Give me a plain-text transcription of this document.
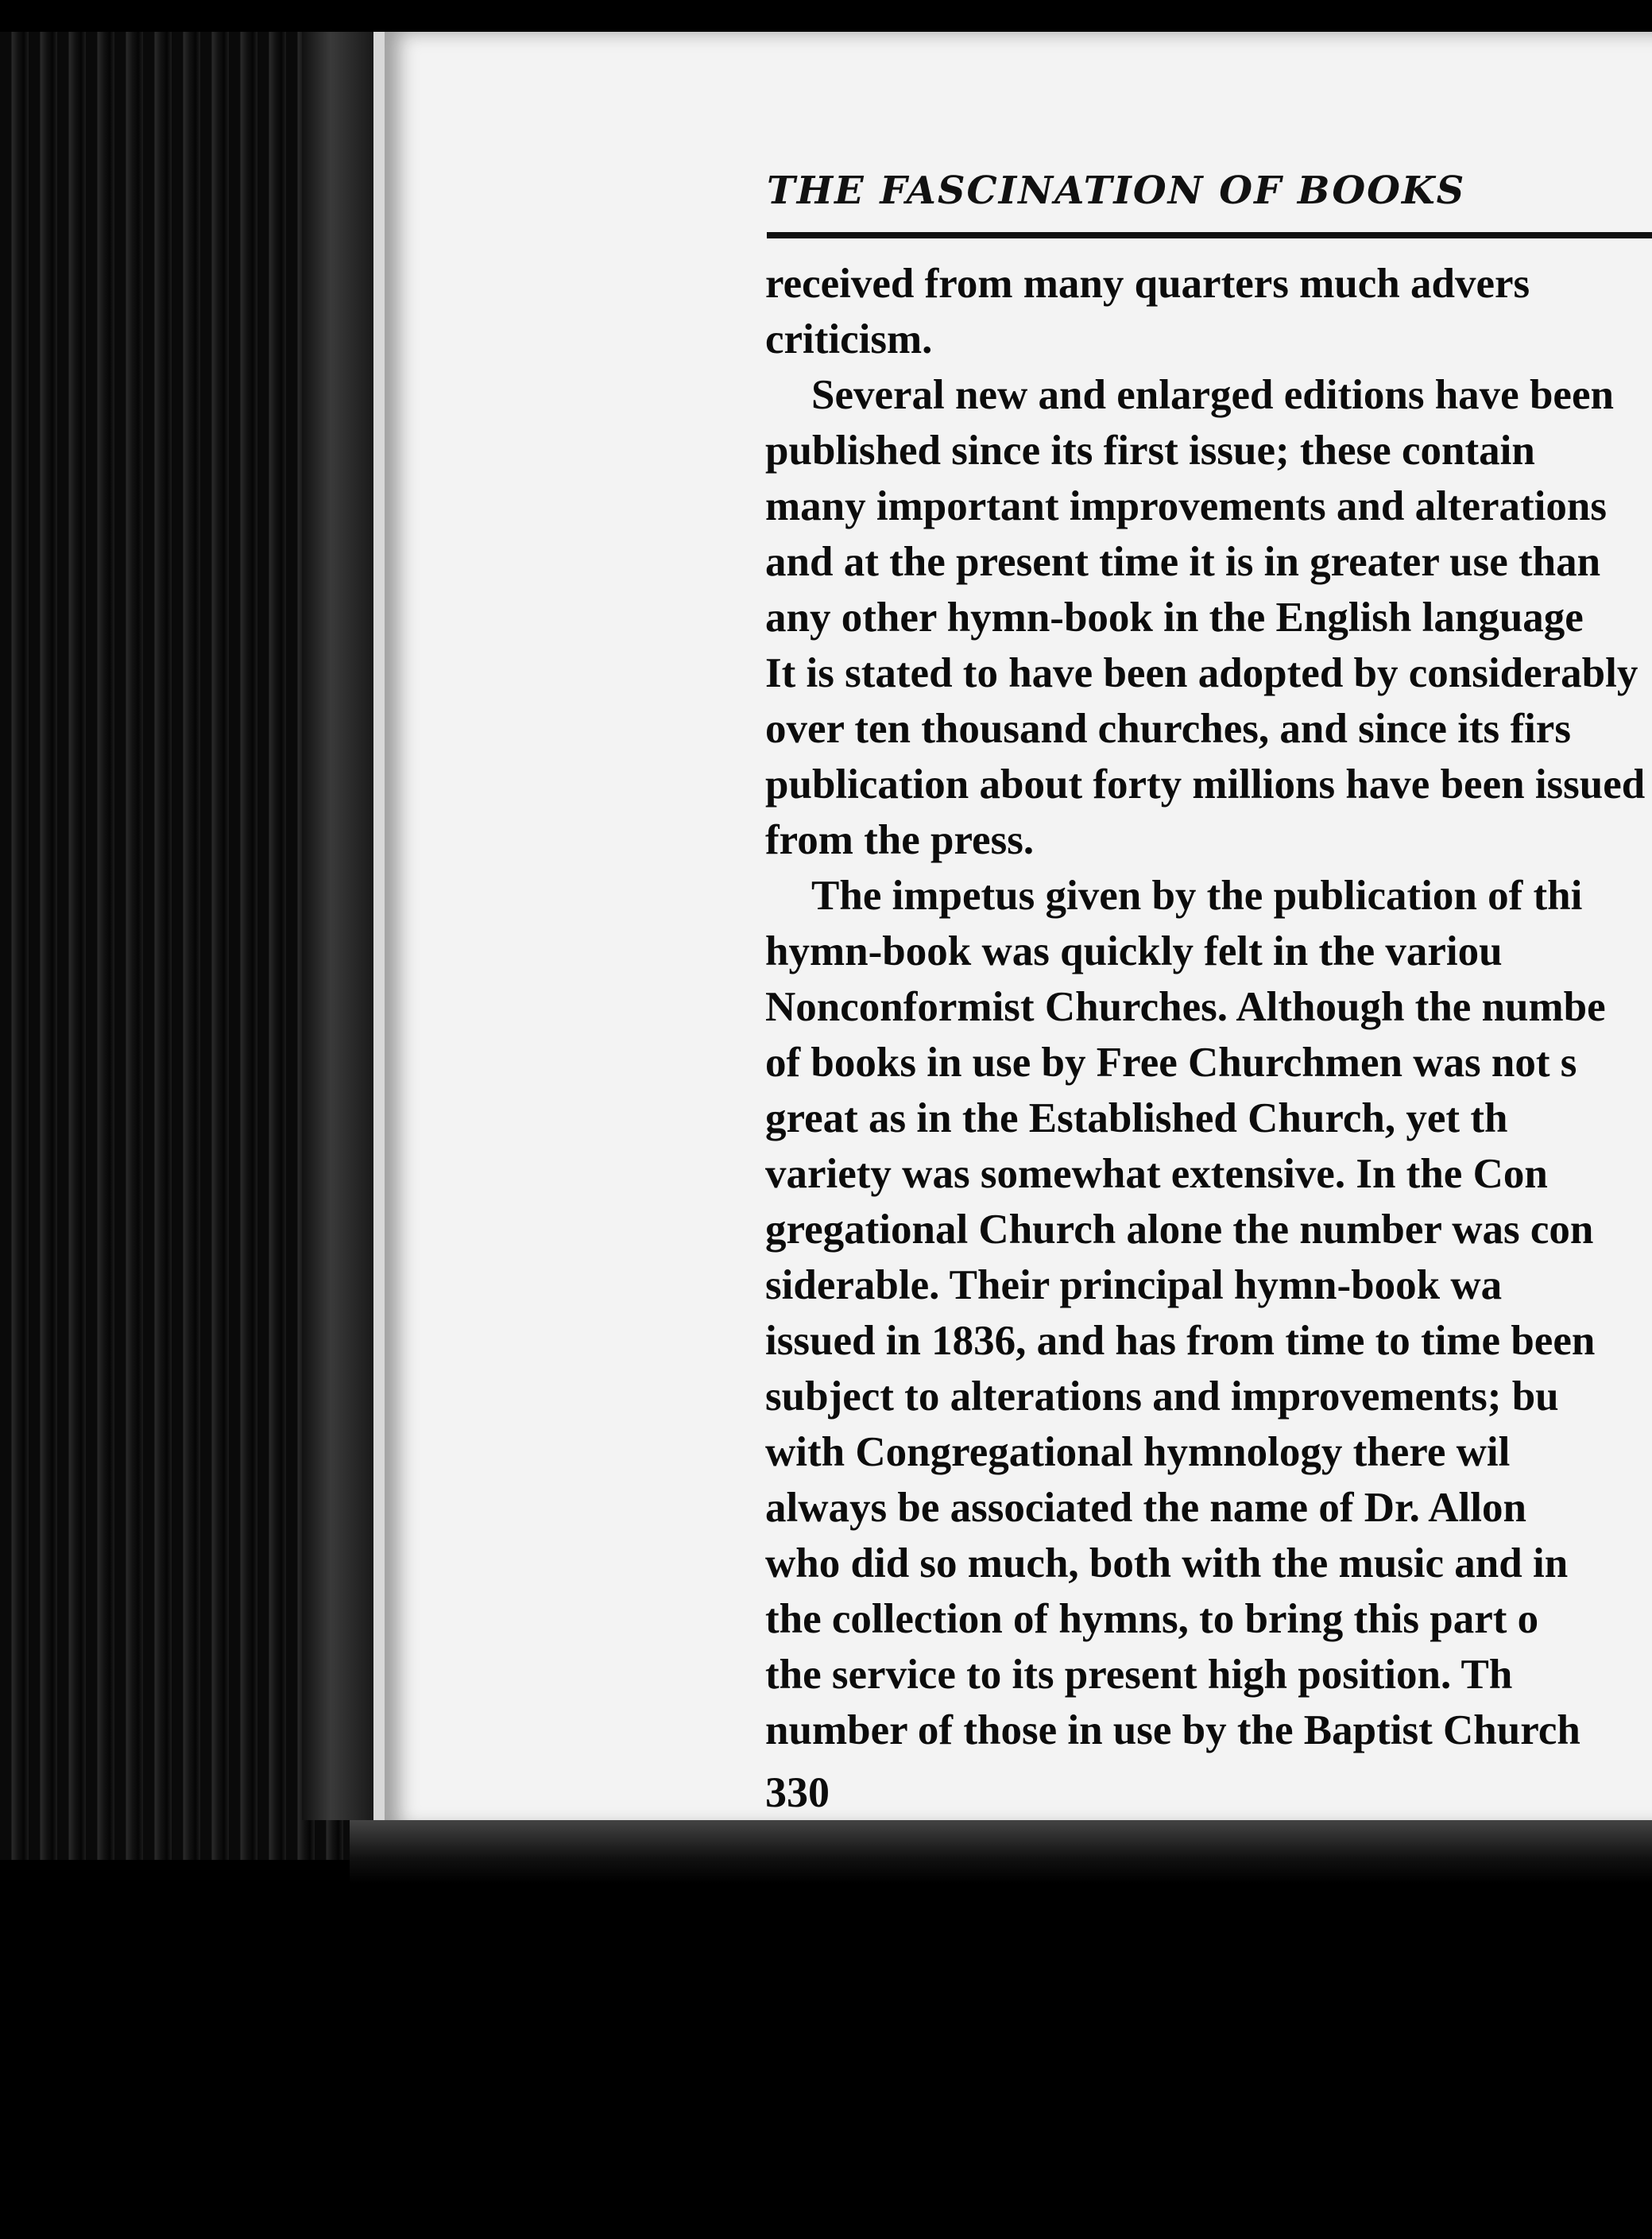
THE FASCINATION OF BOOKS
received from many quarters much advers
criticism.
Several new and enlarged editions have been
published since its first issue; these contain
many important improvements and alterations
and at the present time it is in greater use than
any other hymn-book in the English language
It is stated to have been adopted by considerably
over ten thousand churches, and since its firs
publication about forty millions have been issued
from the press.
The impetus given by the publication of thi
hymn-book was quickly felt in the variou
Nonconformist Churches. Although the numbe
of books in use by Free Churchmen was not s
great as in the Established Church, yet th
variety was somewhat extensive. In the Con
gregational Church alone the number was con
siderable. Their principal hymn-book wa
issued in 1836, and has from time to time been
subject to alterations and improvements; bu
with Congregational hymnology there wil
always be associated the name of Dr. Allon
who did so much, both with the music and in
the collection of hymns, to bring this part o
the service to its present high position. Th
number of those in use by the Baptist Church
330
